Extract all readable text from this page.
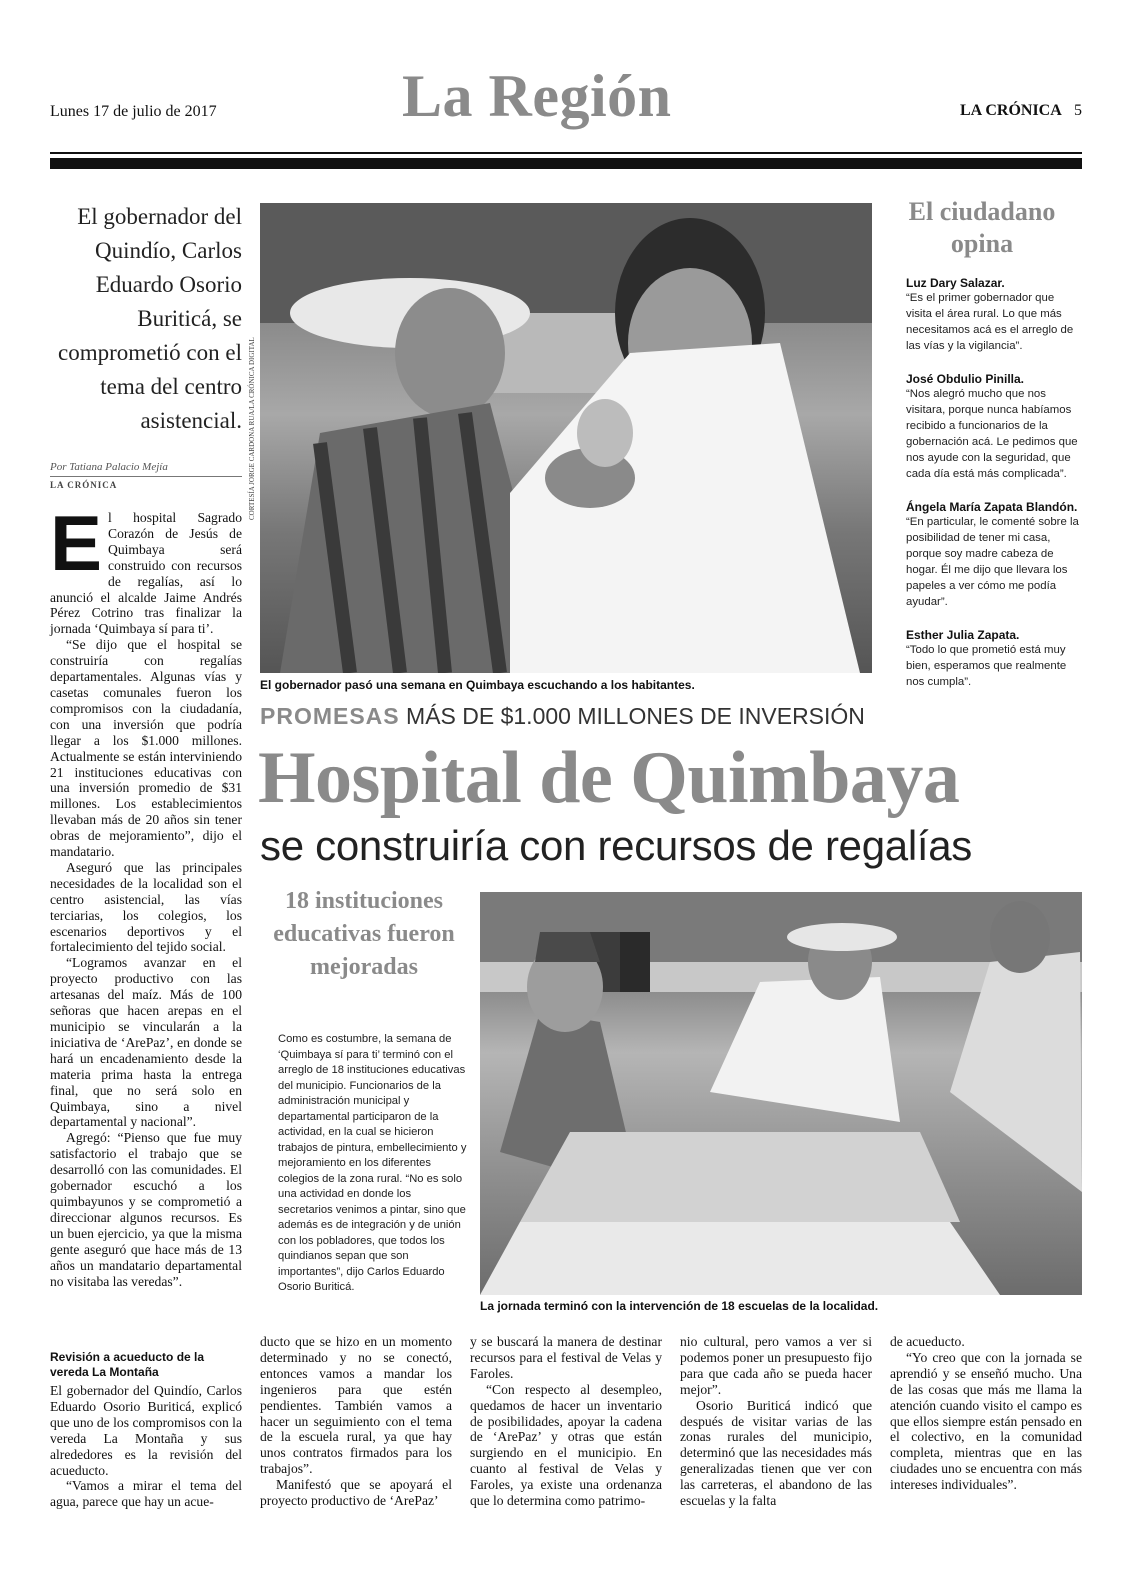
Lunes 17 de julio de 2017	La Región	LA CRÓNICA 5
El gobernador del Quindío, Carlos Eduardo Osorio Buriticá, se comprometió con el tema del centro asistencial.
Por Tatiana Palacio Mejía
LA CRÓNICA
E l hospital Sagrado Corazón de Jesús de Quimbaya será construido con recursos de regalías, así lo anunció el alcalde Jaime Andrés Pérez Cotrino tras finalizar la jornada ‘Quimbaya sí para ti’.

“Se dijo que el hospital se construiría con regalías departamentales. Algunas vías y casetas comunales fueron los compromisos con la ciudadanía, con una inversión que podría llegar a los $1.000 millones. Actualmente se están interviniendo 21 instituciones educativas con una inversión promedio de $31 millones. Los establecimientos llevaban más de 20 años sin tener obras de mejoramiento”, dijo el mandatario.

Aseguró que las principales necesidades de la localidad son el centro asistencial, las vías terciarias, los colegios, los escenarios deportivos y el fortalecimiento del tejido social.

“Logramos avanzar en el proyecto productivo con las artesanas del maíz. Más de 100 señoras que hacen arepas en el municipio se vincularán a la iniciativa de ‘ArePaz’, en donde se hará un encadenamiento desde la materia prima hasta la entrega final, que no será solo en Quimbaya, sino a nivel departamental y nacional”.

Agregó: “Pienso que fue muy satisfactorio el trabajo que se desarrolló con las comunidades. El gobernador escuchó a los quimbayunos y se comprometió a direccionar algunos recursos. Es un buen ejercicio, ya que la misma gente aseguró que hace más de 13 años un mandatario departamental no visitaba las veredas”.

Revisión a acueducto de la vereda La Montaña

El gobernador del Quindío, Carlos Eduardo Osorio Buriticá, explicó que uno de los compromisos con la vereda La Montaña y sus alrededores es la revisión del acueducto.

“Vamos a mirar el tema del agua, parece que hay un acue-

CORTESÍA JORGE CARDONA RUA/LA CRÓNICA DIGITAL
El gobernador pasó una semana en Quimbaya escuchando a los habitantes.
El ciudadano opina
Luz Dary Salazar.
“Es el primer gobernador que visita el área rural. Lo que más necesitamos acá es el arreglo de las vías y la vigilancia”.
José Obdulio Pinilla.
“Nos alegró mucho que nos visitara, porque nunca habíamos recibido a funcionarios de la gobernación acá. Le pedimos que nos ayude con la seguridad, que cada día está más complicada”.
Ángela María Zapata Blandón.
“En particular, le comenté sobre la posibilidad de tener mi casa, porque soy madre cabeza de hogar. Él me dijo que llevara los papeles a ver cómo me podía ayudar”.
Esther Julia Zapata.
“Todo lo que prometió está muy bien, esperamos que realmente nos cumpla”.
PROMESAS MÁS DE $1.000 MILLONES DE INVERSIÓN
Hospital de Quimbaya
se construiría con recursos de regalías
18 instituciones educativas fueron mejoradas

Como es costumbre, la semana de ‘Quimbaya sí para ti’ terminó con el arreglo de 18 instituciones educativas del municipio. Funcionarios de la administración municipal y departamental participaron de la actividad, en la cual se hicieron trabajos de pintura, embellecimiento y mejoramiento en los diferentes colegios de la zona rural. “No es solo una actividad en donde los secretarios venimos a pintar, sino que además es de integración y de unión con los pobladores, que todos los quindianos sepan que son importantes”, dijo Carlos Eduardo Osorio Buriticá.

La jornada terminó con la intervención de 18 escuelas de la localidad.

ducto que se hizo en un momento determinado y no se conectó, entonces vamos a mandar los ingenieros para que estén pendientes. También vamos a hacer un seguimiento con el tema de la escuela rural, ya que hay unos contratos firmados para los trabajos”.

Manifestó que se apoyará el proyecto productivo de ‘ArePaz’

y se buscará la manera de destinar recursos para el festival de Velas y Faroles.

“Con respecto al desempleo, quedamos de hacer un inventario de posibilidades, apoyar la cadena de ‘ArePaz’ y otras que están surgiendo en el municipio. En cuanto al festival de Velas y Faroles, ya existe una ordenanza que lo determina como patrimo-

nio cultural, pero vamos a ver si podemos poner un presupuesto fijo para que cada año se pueda hacer mejor”.

Osorio Buriticá indicó que después de visitar varias de las zonas rurales del municipio, determinó que las necesidades más generalizadas tienen que ver con las carreteras, el abandono de las escuelas y la falta

de acueducto.

“Yo creo que con la jornada se aprendió y se enseñó mucho. Una de las cosas que más me llama la atención cuando visito el campo es que ellos siempre están pensado en el colectivo, en la comunidad completa, mientras que en las ciudades uno se encuentra con más intereses individuales”.
